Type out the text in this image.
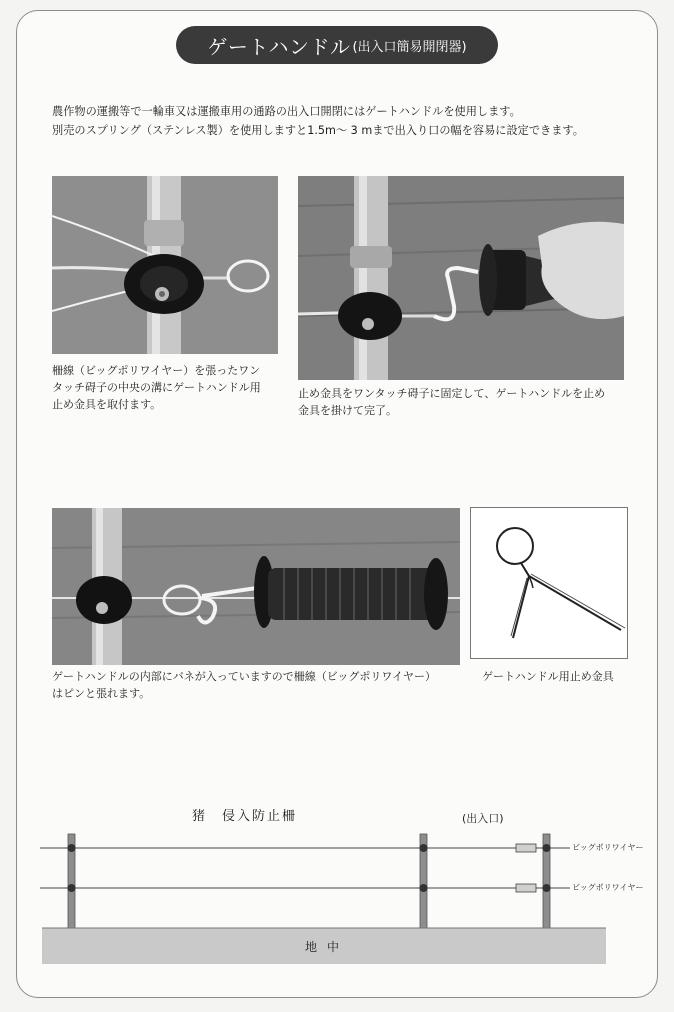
ゲートハンドル (出入口簡易開閉器)
農作物の運搬等で一輪車又は運搬車用の通路の出入口開閉にはゲートハンドルを使用します。
別売のスプリング（ステンレス製）を使用しますと1.5m～ 3 mまで出入り口の幅を容易に設定できます。
柵線（ビッグポリワイヤー）を張ったワン
タッチ碍子の中央の溝にゲートハンドル用
止め金具を取付ます。
止め金具をワンタッチ碍子に固定して、ゲートハンドルを止め
金具を掛けて完了。
ゲートハンドルの内部にバネが入っていますので柵線（ビッグポリワイヤー）
はピンと張れます。
ゲートハンドル用止め金具
猪　侵入防止柵	(出入口)
ビッグポリワイヤー
ビッグポリワイヤー
地中
